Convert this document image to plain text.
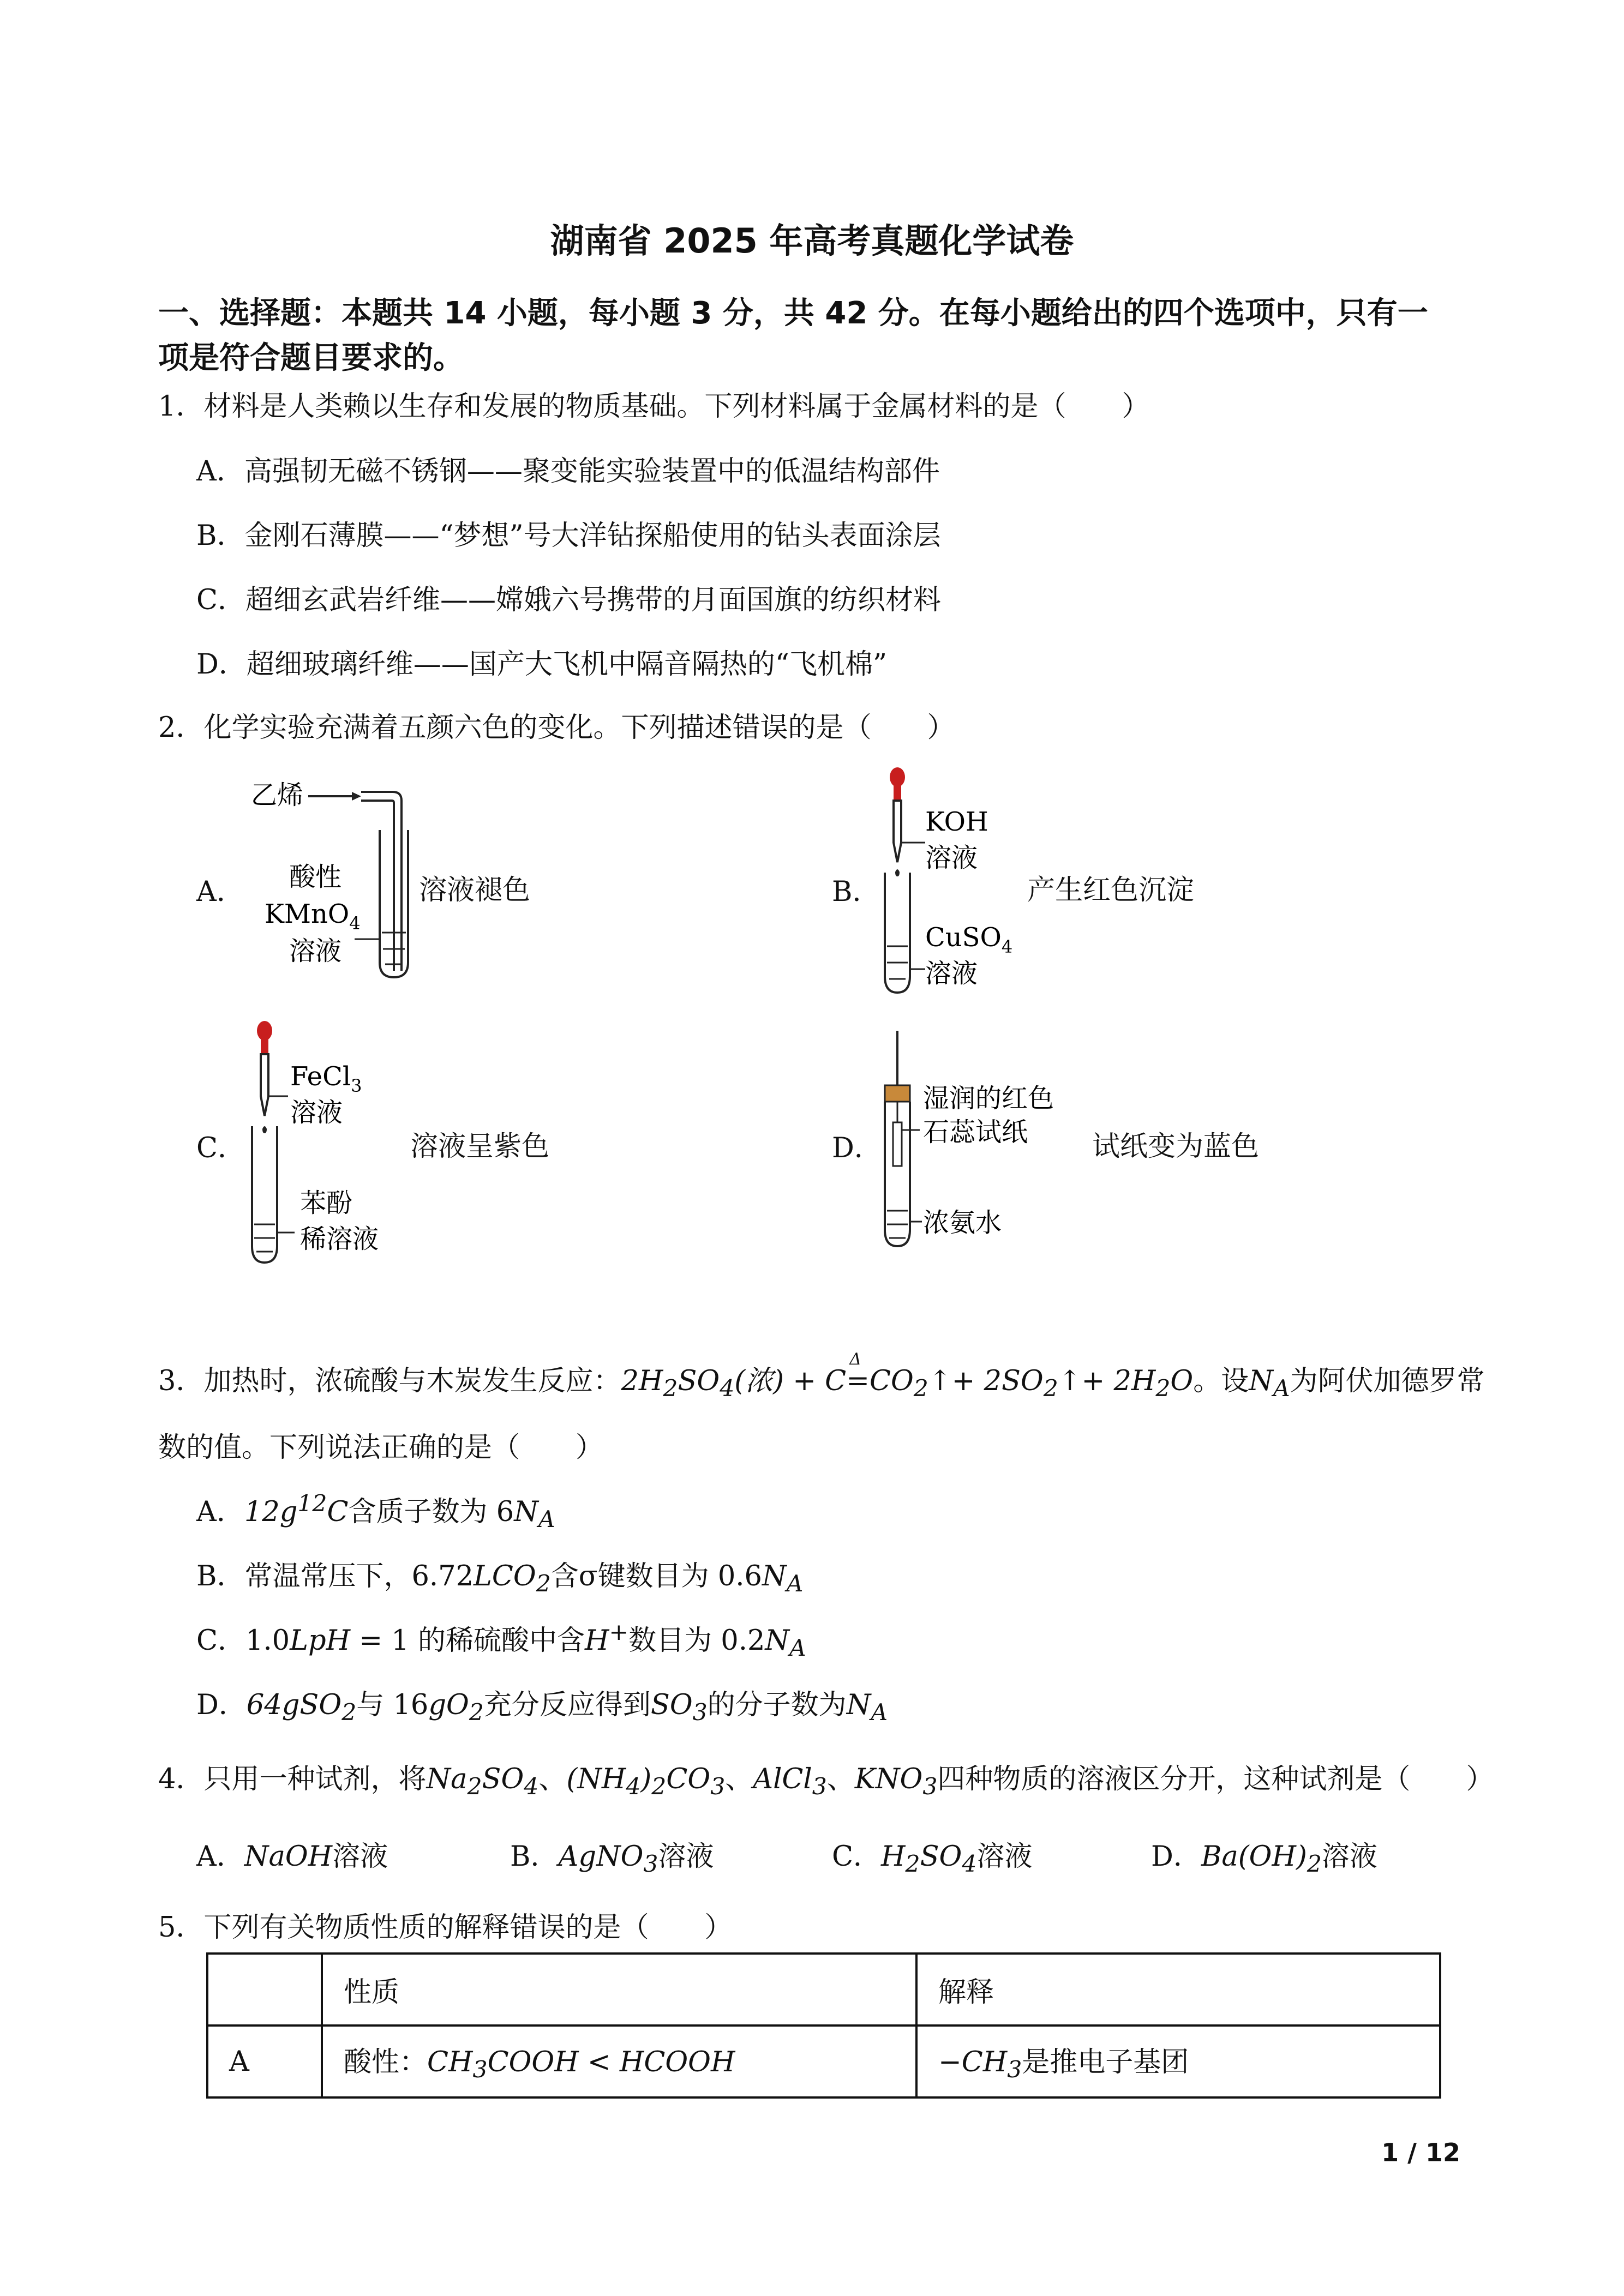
湖南省 2025 年高考真题化学试卷
一、选择题：本题共 14 小题，每小题 3 分，共 42 分。在每小题给出的四个选项中，只有一
项是符合题目要求的。
1．材料是人类赖以生存和发展的物质基础。下列材料属于金属材料的是（　　）
A．高强韧无磁不锈钢——聚变能实验装置中的低温结构部件
B．金刚石薄膜——“梦想”号大洋钻探船使用的钻头表面涂层
C．超细玄武岩纤维——嫦娥六号携带的月面国旗的纺织材料
D．超细玻璃纤维——国产大飞机中隔音隔热的“飞机棉”
2．化学实验充满着五颜六色的变化。下列描述错误的是（　　）
A．
乙烯
酸性
KMnO$_4$
溶液
溶液褪色	B．
KOH
溶液
CuSO$_4$
溶液
产生红色沉淀
C．
FeCl$_3$
溶液
苯酚
稀溶液
溶液呈紫色	D．
湿润的红色
石蕊试纸
浓氨水
试纸变为蓝色
3．加热时，浓硫酸与木炭发生反应：$2H_2SO_4$(浓) + C=
Δ
$CO_2↑+$ $2SO_2↑+ 2H_2O$。设$N_A$为阿伏加德罗常
数的值。下列说法正确的是（　　）
A．$12g^{12}C$含质子数为 $6N_A$
B．常温常压下，$6.72LCO_2$含σ键数目为 $0.6N_A$
C．1.0LpH = 1 的稀硫酸中含H+数目为 $0.2N_A$
D．64gSO$_2$与 $16gO_2$充分反应得到$SO_3$的分子数为$N_A$
4．只用一种试剂，将$Na_2SO_4$、$(NH_4)_2CO_3$、AlCl$_3$、$KNO_3$四种物质的溶液区分开，这种试剂是（　　）
A．NaOH溶液	B．AgNO$_3$溶液	C．$H_2SO_4$溶液	D．$Ba(OH)_2$溶液
5．下列有关物质性质的解释错误的是（　　）
	性质	解释
A	酸性：$CH_3COOH$ < HCOOH	$-CH_3$是推电子基团
1 / 12
